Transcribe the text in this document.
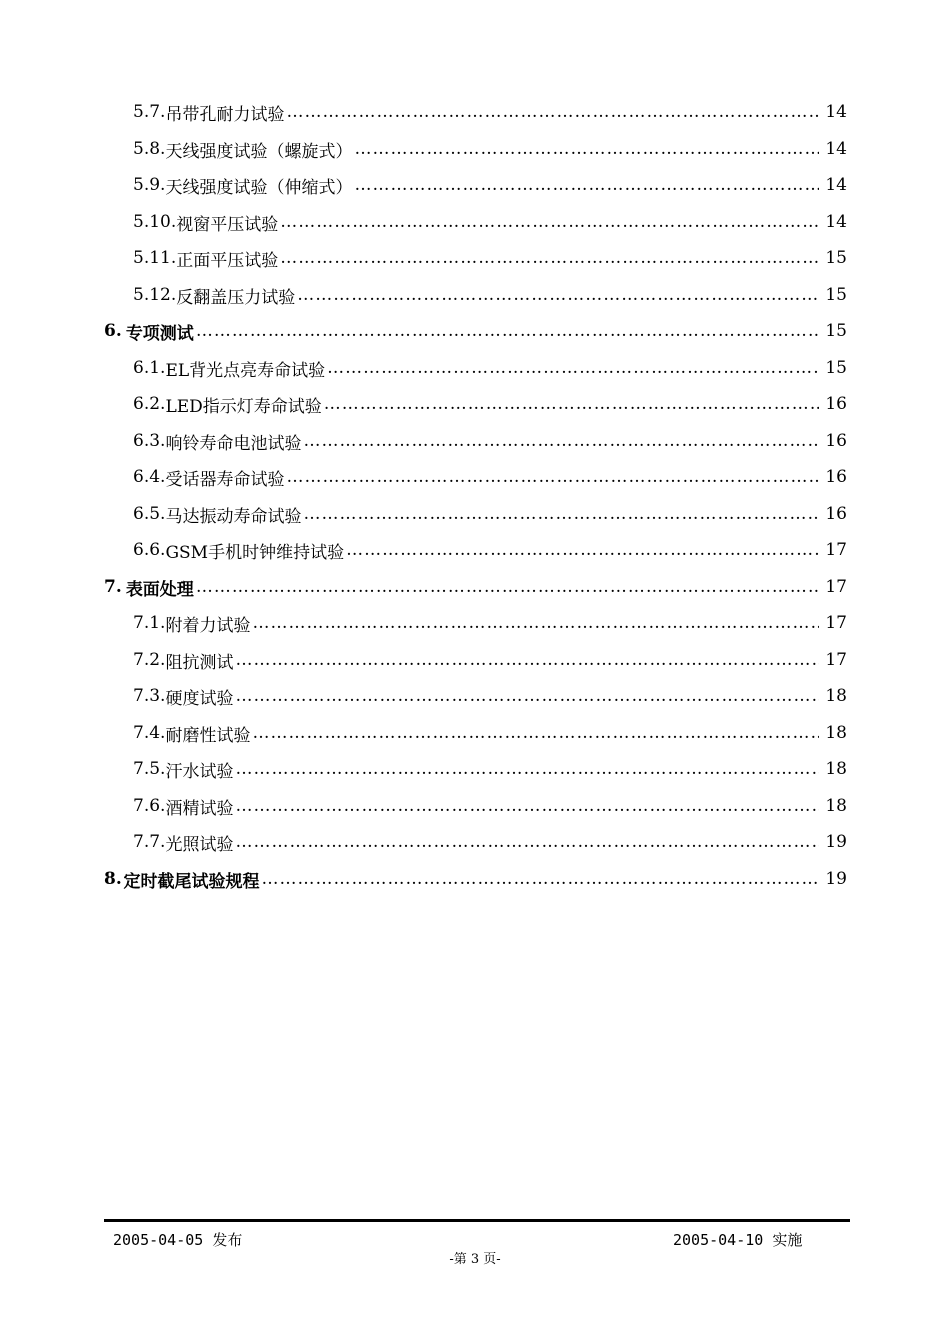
5.7. 吊带孔耐力试验 …………………………………………………………………………………………………………………………………………………………………………………………………	14
5.8. 天线强度试验（螺旋式） …………………………………………………………………………………………………………………………………………………………………………………………………	14
5.9. 天线强度试验（伸缩式） …………………………………………………………………………………………………………………………………………………………………………………………………	14
5.10. 视窗平压试验 …………………………………………………………………………………………………………………………………………………………………………………………………	14
5.11. 正面平压试验 …………………………………………………………………………………………………………………………………………………………………………………………………	15
5.12. 反翻盖压力试验 …………………………………………………………………………………………………………………………………………………………………………………………………	15
6. 专项测试 …………………………………………………………………………………………………………………………………………………………………………………………………	15
6.1. EL背光点亮寿命试验 …………………………………………………………………………………………………………………………………………………………………………………………………	15
6.2. LED指示灯寿命试验 …………………………………………………………………………………………………………………………………………………………………………………………………	16
6.3. 响铃寿命电池试验 …………………………………………………………………………………………………………………………………………………………………………………………………	16
6.4. 受话器寿命试验 …………………………………………………………………………………………………………………………………………………………………………………………………	16
6.5. 马达振动寿命试验 …………………………………………………………………………………………………………………………………………………………………………………………………	16
6.6. GSM手机时钟维持试验 …………………………………………………………………………………………………………………………………………………………………………………………………	17
7. 表面处理 …………………………………………………………………………………………………………………………………………………………………………………………………	17
7.1. 附着力试验 …………………………………………………………………………………………………………………………………………………………………………………………………	17
7.2. 阻抗测试 …………………………………………………………………………………………………………………………………………………………………………………………………	17
7.3. 硬度试验 …………………………………………………………………………………………………………………………………………………………………………………………………	18
7.4. 耐磨性试验 …………………………………………………………………………………………………………………………………………………………………………………………………	18
7.5. 汗水试验 …………………………………………………………………………………………………………………………………………………………………………………………………	18
7.6. 酒精试验 …………………………………………………………………………………………………………………………………………………………………………………………………	18
7.7. 光照试验 …………………………………………………………………………………………………………………………………………………………………………………………………	19
8. 定时截尾试验规程 …………………………………………………………………………………………………………………………………………………………………………………………………	19
2005-04-05 发布	2005-04-10 实施
-第 3 页-
